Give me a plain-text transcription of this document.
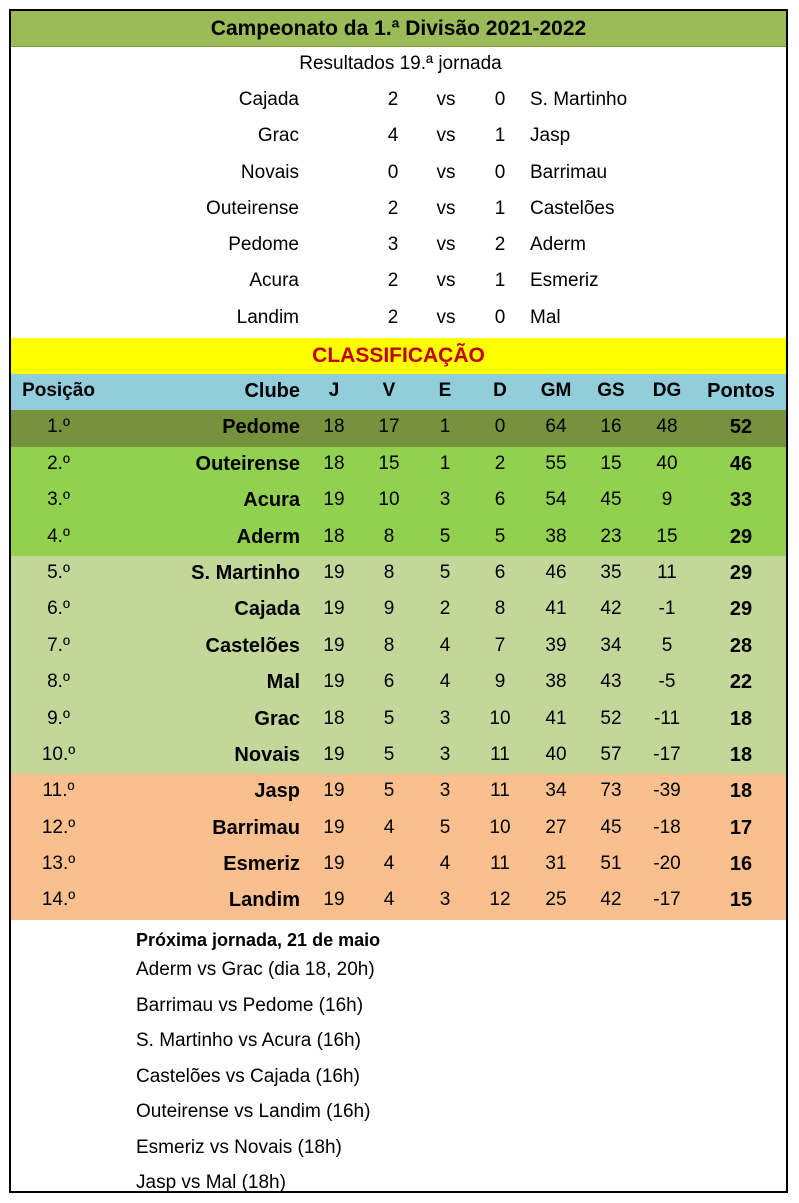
Campeonato da 1.ª Divisão 2021-2022
Resultados 19.ª jornada
Cajada	2 vs 0 S. Martinho
Grac	4 vs 1 Jasp
Novais	0 vs 0 Barrimau
Outeirense	2 vs 1 Castelões
Pedome	3 vs 2 Aderm
Acura	2 vs 1 Esmeriz
Landim	2 vs 0 Mal
CLASSIFICAÇÃO
Posição	Clube	J	V	E	D	GM GS	DG	Pontos
1.º	Pedome	18	17	1	0	64	16	48	52
2.º	Outeirense	18	15	1	2	55	15	40	46
3.º	Acura	19	10	3	6	54	45	9	33
4.º	Aderm	18	8	5	5	38	23	15	29
5.º	S. Martinho	19	8	5	6	46	35	11	29
6.º	Cajada	19	9	2	8	41	42	-1	29
7.º	Castelões	19	8	4	7	39	34	5	28
8.º	Mal	19	6	4	9	38	43	-5	22
9.º	Grac	18	5	3	10	41	52	-11	18
10.º	Novais	19	5	3	11	40	57	-17	18
11.º	Jasp	19	5	3	11	34	73	-39	18
12.º	Barrimau	19	4	5	10	27	45	-18	17
13.º	Esmeriz	19	4	4	11	31	51	-20	16
14.º	Landim	19	4	3	12	25	42	-17	15
Próxima jornada, 21 de maio
Aderm vs Grac (dia 18, 20h)
Barrimau vs Pedome (16h)
S. Martinho vs Acura (16h)
Castelões vs Cajada (16h)
Outeirense vs Landim (16h)
Esmeriz vs Novais (18h)
Jasp vs Mal (18h)
